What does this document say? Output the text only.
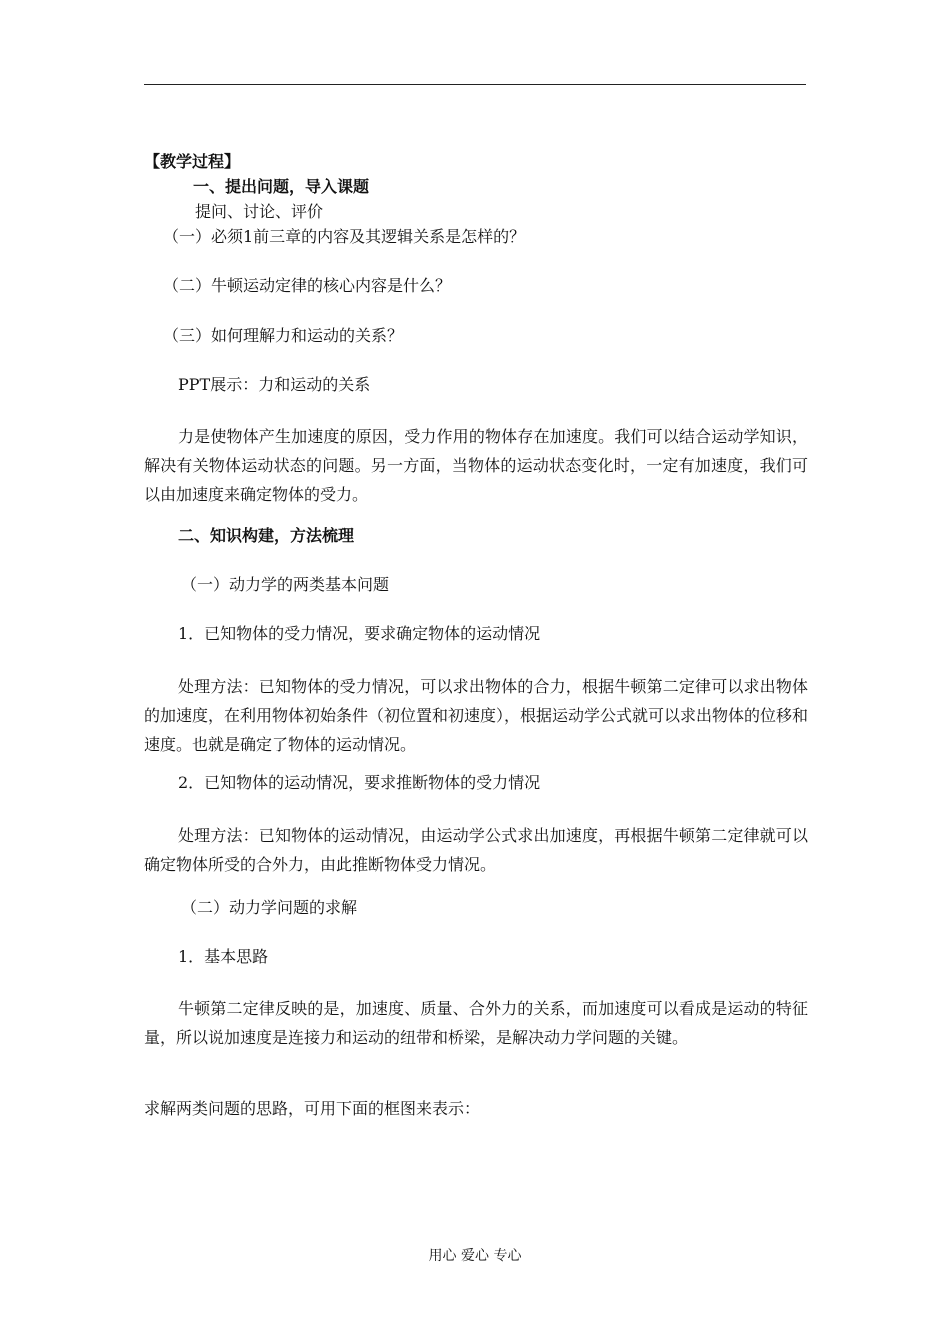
【教学过程】

一、提出问题，导入课题

提问、讨论、评价

（一）必须1前三章的内容及其逻辑关系是怎样的？

（二）牛顿运动定律的核心内容是什么？

（三）如何理解力和运动的关系？

PPT展示：力和运动的关系

力是使物体产生加速度的原因，受力作用的物体存在加速度。我们可以结合运动学知识，解决有关物体运动状态的问题。另一方面，当物体的运动状态变化时，一定有加速度，我们可以由加速度来确定物体的受力。

二、知识构建，方法梳理

（一）动力学的两类基本问题

1．已知物体的受力情况，要求确定物体的运动情况

处理方法：已知物体的受力情况，可以求出物体的合力，根据牛顿第二定律可以求出物体的加速度，在利用物体初始条件（初位置和初速度），根据运动学公式就可以求出物体的位移和速度。也就是确定了物体的运动情况。

2．已知物体的运动情况，要求推断物体的受力情况

处理方法：已知物体的运动情况，由运动学公式求出加速度，再根据牛顿第二定律就可以确定物体所受的合外力，由此推断物体受力情况。

（二）动力学问题的求解

1．基本思路

牛顿第二定律反映的是，加速度、质量、合外力的关系，而加速度可以看成是运动的特征量，所以说加速度是连接力和运动的纽带和桥梁，是解决动力学问题的关键。

求解两类问题的思路，可用下面的框图来表示：

用心 爱心 专心
